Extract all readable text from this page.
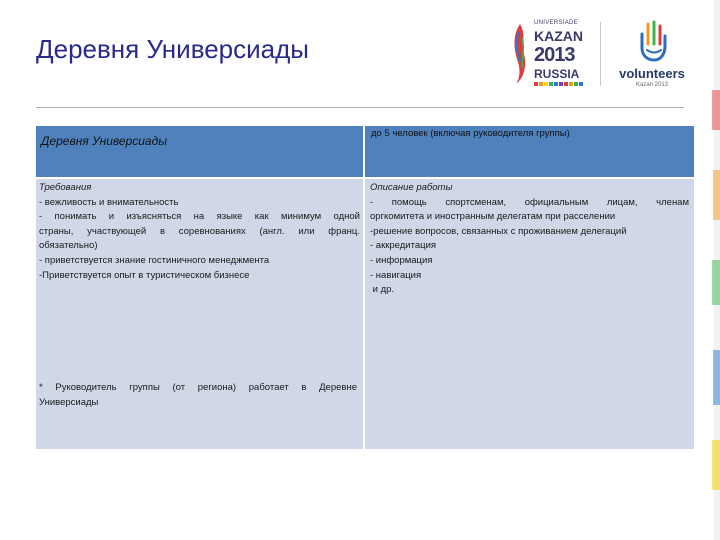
Деревня Универсиады
UNIVERSIADE
KAZAN
2013
RUSSIA	volunteers
Kazan 2013
Деревня Универсиады
до 5 человек (включая руководителя группы)
Требования
- вежливость и внимательность
- понимать и изъясняться на языке как минимум одной
страны, участвующей в соревнованиях (англ. или франц.
обязательно)
- приветствуется знание гостиничного менеджмента
-Приветствуется опыт в туристическом бизнесе
* Руководитель группы (от региона) работает в Деревне
Универсиады
Описание работы
- помощь спортсменам, официальным лицам, членам
оргкомитета и иностранным делегатам при расселении
-решение вопросов, связанных с проживанием делегаций
- аккредитация
- информация
- навигация
и др.
